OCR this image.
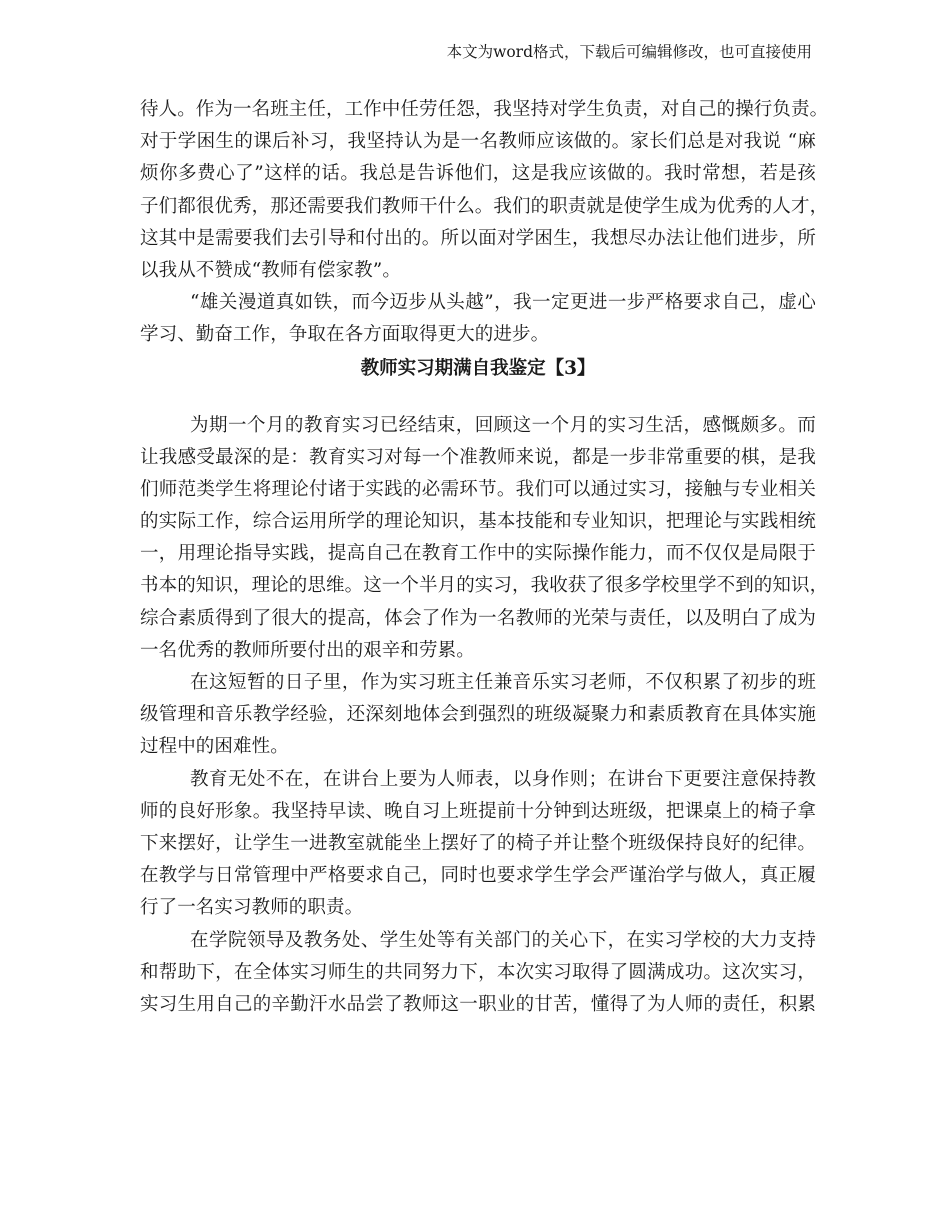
本文为word格式，下载后可编辑修改，也可直接使用
待人。作为一名班主任，工作中任劳任怨，我坚持对学生负责，对自己的操行负责。
对于学困生的课后补习，我坚持认为是一名教师应该做的。家长们总是对我说 “麻
烦你多费心了”这样的话。我总是告诉他们，这是我应该做的。我时常想，若是孩
子们都很优秀，那还需要我们教师干什么。我们的职责就是使学生成为优秀的人才，
这其中是需要我们去引导和付出的。所以面对学困生，我想尽办法让他们进步，所
以我从不赞成“教师有偿家教”。
“雄关漫道真如铁，而今迈步从头越”，我一定更进一步严格要求自己，虚心
学习、勤奋工作，争取在各方面取得更大的进步。
教师实习期满自我鉴定【3】
为期一个月的教育实习已经结束，回顾这一个月的实习生活，感慨颇多。而
让我感受最深的是：教育实习对每一个准教师来说，都是一步非常重要的棋，是我
们师范类学生将理论付诸于实践的必需环节。我们可以通过实习，接触与专业相关
的实际工作，综合运用所学的理论知识，基本技能和专业知识，把理论与实践相统
一，用理论指导实践，提高自己在教育工作中的实际操作能力，而不仅仅是局限于
书本的知识，理论的思维。这一个半月的实习，我收获了很多学校里学不到的知识，
综合素质得到了很大的提高，体会了作为一名教师的光荣与责任，以及明白了成为
一名优秀的教师所要付出的艰辛和劳累。
在这短暂的日子里，作为实习班主任兼音乐实习老师，不仅积累了初步的班
级管理和音乐教学经验，还深刻地体会到强烈的班级凝聚力和素质教育在具体实施
过程中的困难性。
教育无处不在，在讲台上要为人师表，以身作则；在讲台下更要注意保持教
师的良好形象。我坚持早读、晚自习上班提前十分钟到达班级，把课桌上的椅子拿
下来摆好，让学生一进教室就能坐上摆好了的椅子并让整个班级保持良好的纪律。
在教学与日常管理中严格要求自己，同时也要求学生学会严谨治学与做人，真正履
行了一名实习教师的职责。
在学院领导及教务处、学生处等有关部门的关心下，在实习学校的大力支持
和帮助下，在全体实习师生的共同努力下，本次实习取得了圆满成功。这次实习，
实习生用自己的辛勤汗水品尝了教师这一职业的甘苦，懂得了为人师的责任，积累
